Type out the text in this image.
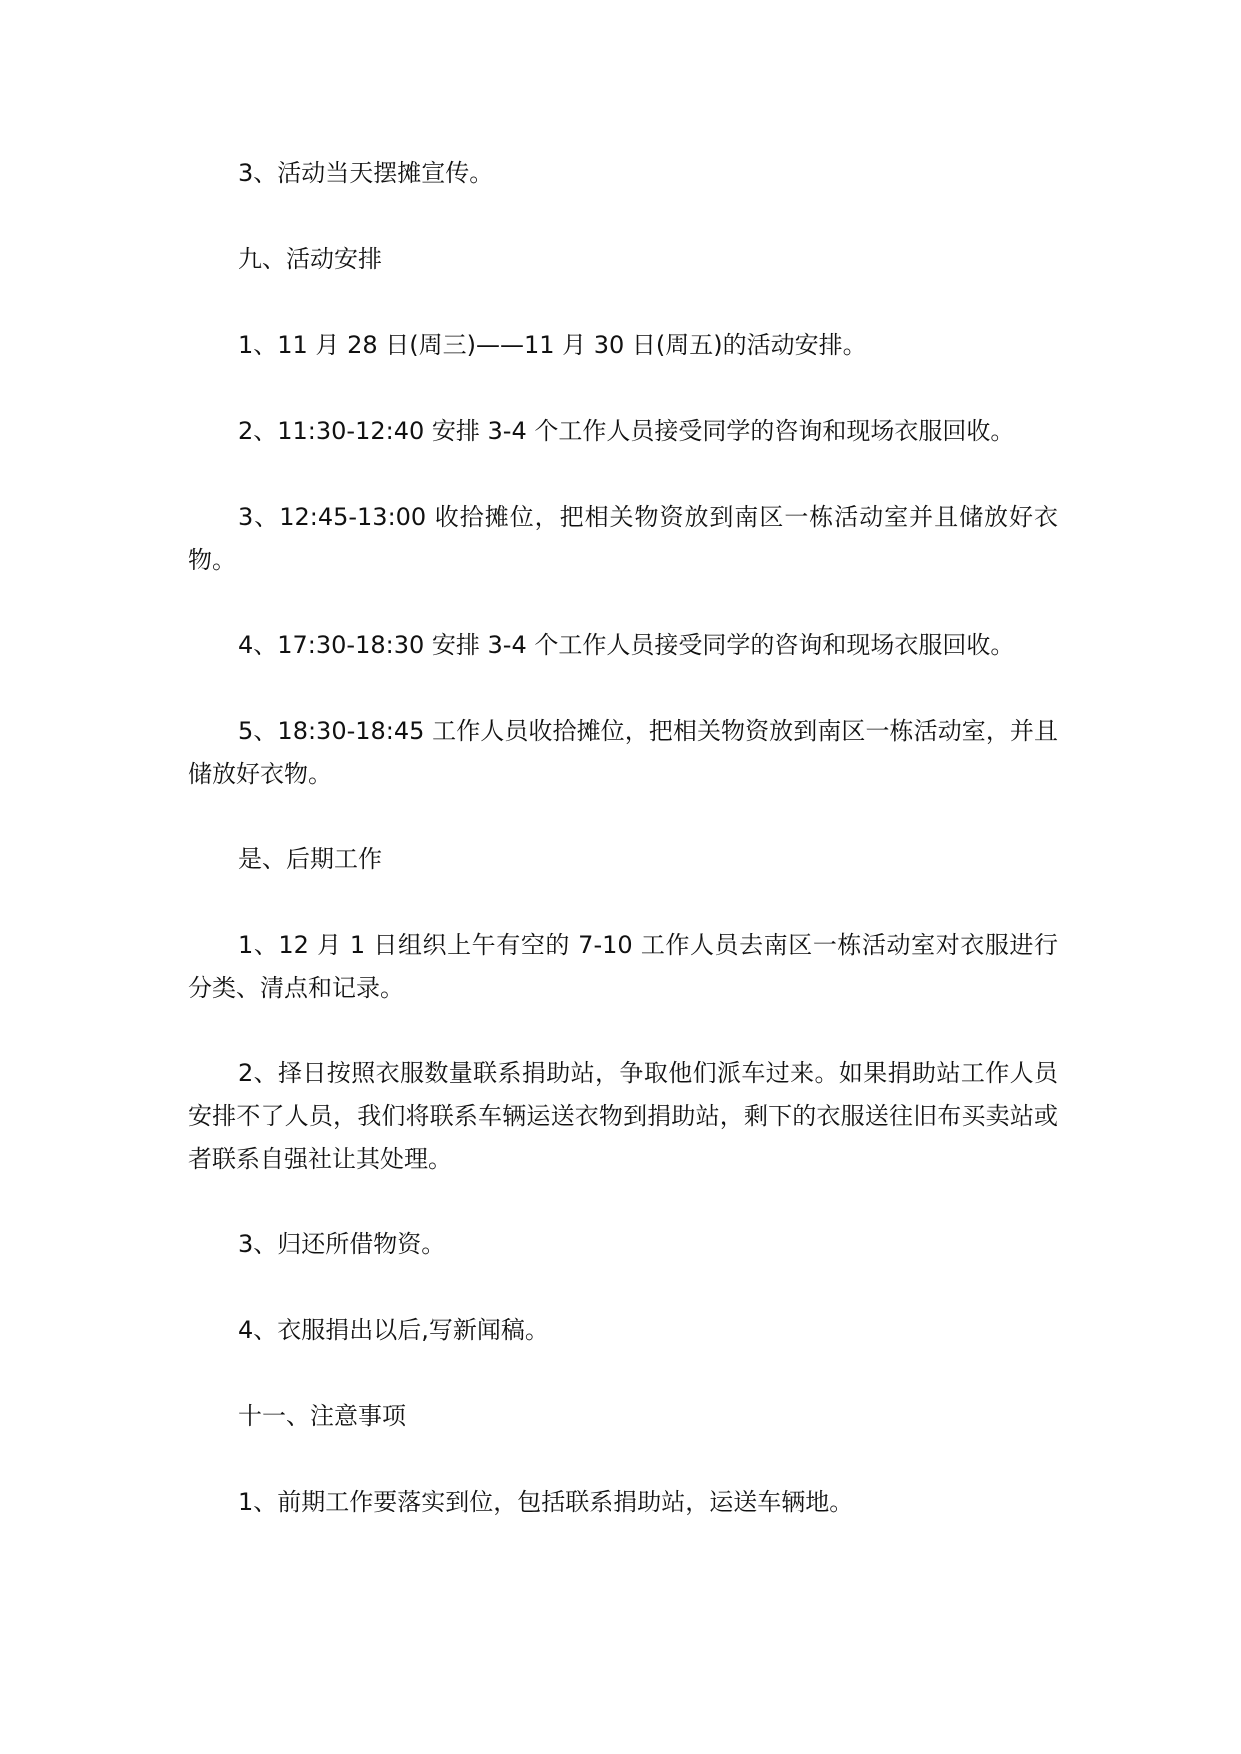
3、活动当天摆摊宣传。

九、活动安排

1、11 月 28 日(周三)——11 月 30 日(周五)的活动安排。

2、11:30-12:40 安排 3-4 个工作人员接受同学的咨询和现场衣服回收。

3、12:45-13:00 收拾摊位，把相关物资放到南区一栋活动室并且储放好衣物。

4、17:30-18:30 安排 3-4 个工作人员接受同学的咨询和现场衣服回收。

5、18:30-18:45 工作人员收拾摊位，把相关物资放到南区一栋活动室，并且储放好衣物。

是、后期工作

1、12 月 1 日组织上午有空的 7-10 工作人员去南区一栋活动室对衣服进行分类、清点和记录。

2、择日按照衣服数量联系捐助站，争取他们派车过来。如果捐助站工作人员安排不了人员，我们将联系车辆运送衣物到捐助站，剩下的衣服送往旧布买卖站或者联系自强社让其处理。

3、归还所借物资。

4、衣服捐出以后,写新闻稿。

十一、注意事项

1、前期工作要落实到位，包括联系捐助站，运送车辆地。
